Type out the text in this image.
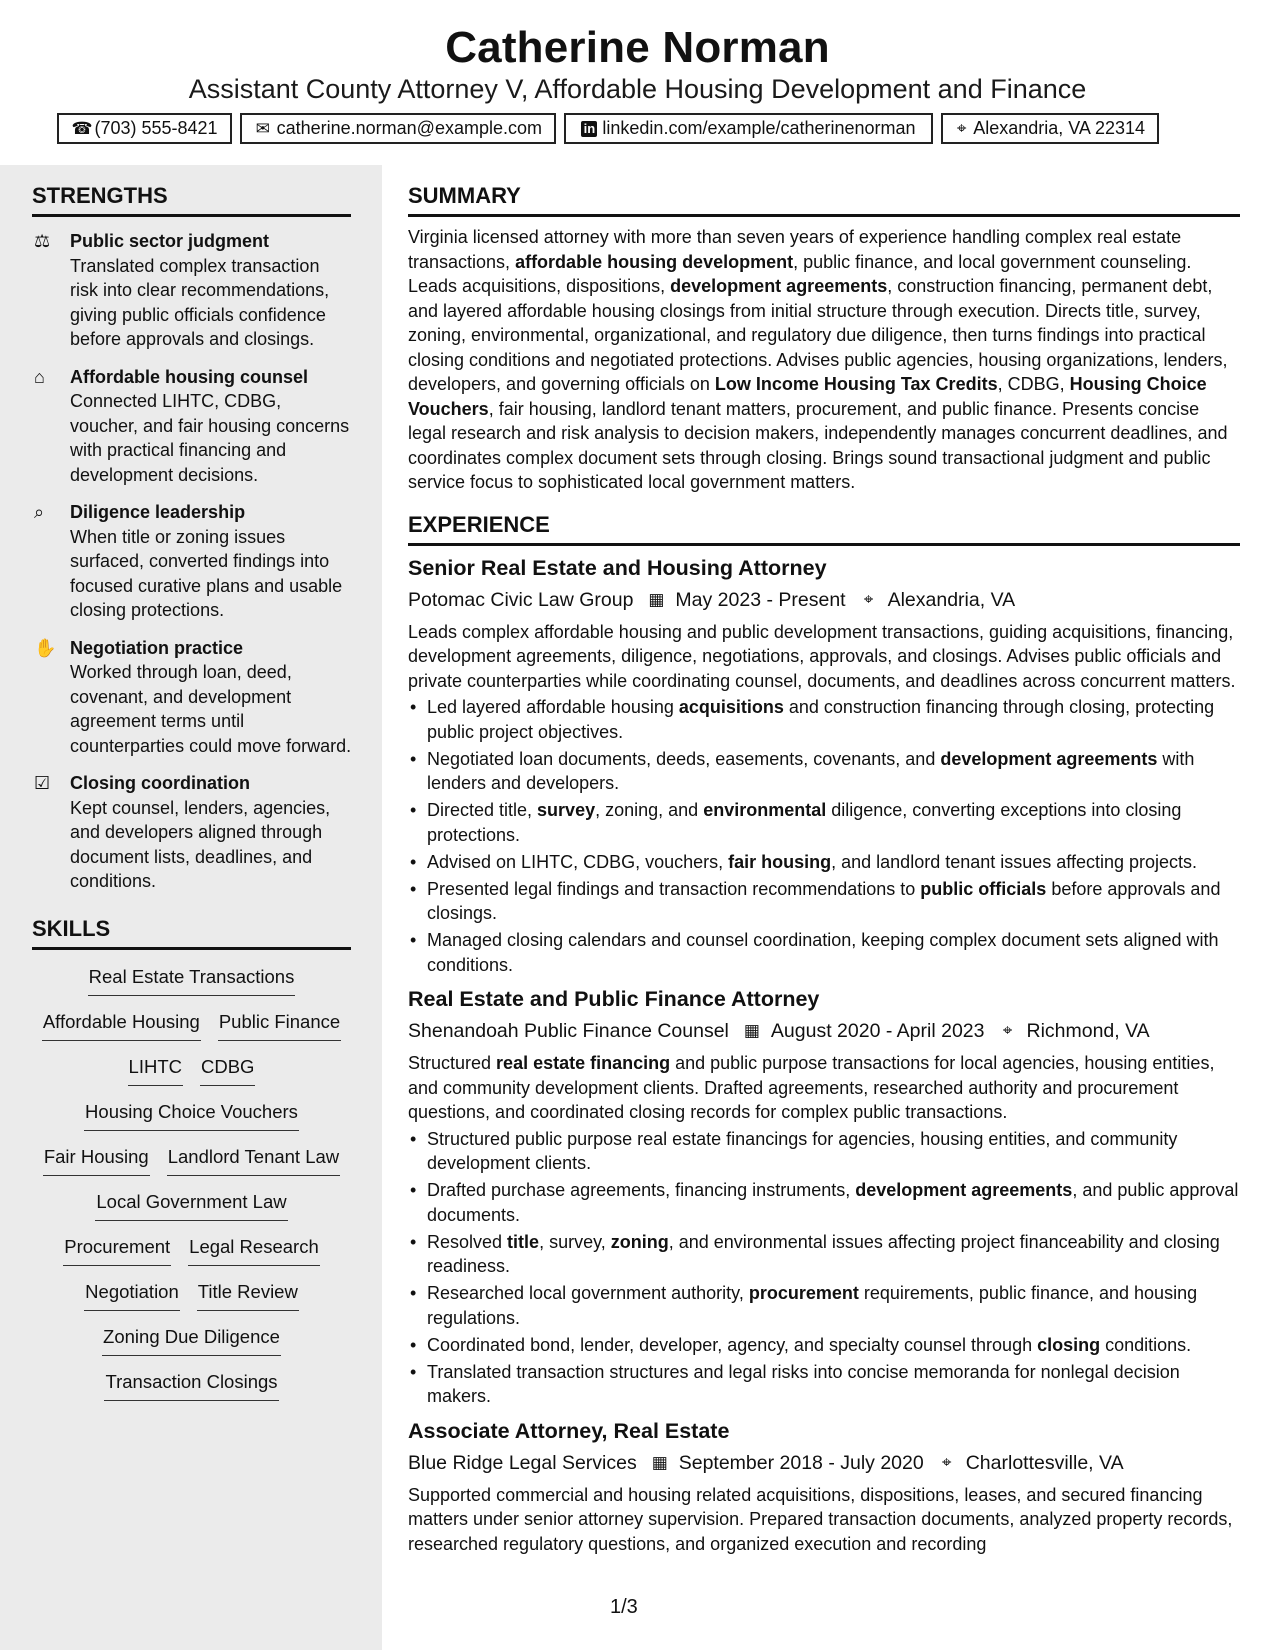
Catherine Norman
Assistant County Attorney V, Affordable Housing Development and Finance
☎ (703) 555-8421 ✉ catherine.norman@example.com	in linkedin.com/example/catherinenorman ⌖ Alexandria, VA 22314
STRENGTHS
⚖	Public sector judgment
Translated complex transaction risk into clear recommendations, giving public officials confidence before approvals and closings.
⌂	Affordable housing counsel
Connected LIHTC, CDBG, voucher, and fair housing concerns with practical financing and development decisions.
⌕	Diligence leadership
When title or zoning issues surfaced, converted findings into focused curative plans and usable closing protections.
✋ Negotiation practice
Worked through loan, deed, covenant, and development agreement terms until counterparties could move forward.
☑	Closing coordination
Kept counsel, lenders, agencies, and developers aligned through document lists, deadlines, and conditions.
SKILLS
Real Estate Transactions
Affordable Housing Public Finance
LIHTC CDBG
Housing Choice Vouchers
Fair Housing Landlord Tenant Law
Local Government Law
Procurement Legal Research
Negotiation Title Review
Zoning Due Diligence
Transaction Closings
SUMMARY
Virginia licensed attorney with more than seven years of experience handling complex real estate transactions, affordable housing development, public finance, and local government counseling. Leads acquisitions, dispositions, development agreements, construction financing, permanent debt, and layered affordable housing closings from initial structure through execution. Directs title, survey, zoning, environmental, organizational, and regulatory due diligence, then turns findings into practical closing conditions and negotiated protections. Advises public agencies, housing organizations, lenders, developers, and governing officials on Low Income Housing Tax Credits, CDBG, Housing Choice Vouchers, fair housing, landlord tenant matters, procurement, and public finance. Presents concise legal research and risk analysis to decision makers, independently manages concurrent deadlines, and coordinates complex document sets through closing. Brings sound transactional judgment and public service focus to sophisticated local government matters.
EXPERIENCE
Senior Real Estate and Housing Attorney
Potomac Civic Law Group ▦ May 2023 - Present ⌖ Alexandria, VA
Leads complex affordable housing and public development transactions, guiding acquisitions, financing, development agreements, diligence, negotiations, approvals, and closings. Advises public officials and private counterparties while coordinating counsel, documents, and deadlines across concurrent matters.
• Led layered affordable housing acquisitions and construction financing through closing, protecting public project objectives.
• Negotiated loan documents, deeds, easements, covenants, and development agreements with lenders and developers.
• Directed title, survey, zoning, and environmental diligence, converting exceptions into closing protections.
• Advised on LIHTC, CDBG, vouchers, fair housing, and landlord tenant issues affecting projects.
• Presented legal findings and transaction recommendations to public officials before approvals and closings.
• Managed closing calendars and counsel coordination, keeping complex document sets aligned with conditions.
Real Estate and Public Finance Attorney
Shenandoah Public Finance Counsel ▦ August 2020 - April 2023 ⌖ Richmond, VA
Structured real estate financing and public purpose transactions for local agencies, housing entities, and community development clients. Drafted agreements, researched authority and procurement questions, and coordinated closing records for complex public transactions.
• Structured public purpose real estate financings for agencies, housing entities, and community development clients.
• Drafted purchase agreements, financing instruments, development agreements, and public approval documents.
• Resolved title, survey, zoning, and environmental issues affecting project financeability and closing readiness.
• Researched local government authority, procurement requirements, public finance, and housing regulations.
• Coordinated bond, lender, developer, agency, and specialty counsel through closing conditions.
• Translated transaction structures and legal risks into concise memoranda for nonlegal decision makers.
Associate Attorney, Real Estate
Blue Ridge Legal Services ▦ September 2018 - July 2020 ⌖ Charlottesville, VA
Supported commercial and housing related acquisitions, dispositions, leases, and secured financing matters under senior attorney supervision. Prepared transaction documents, analyzed property records, researched regulatory questions, and organized execution and recording
1/3
